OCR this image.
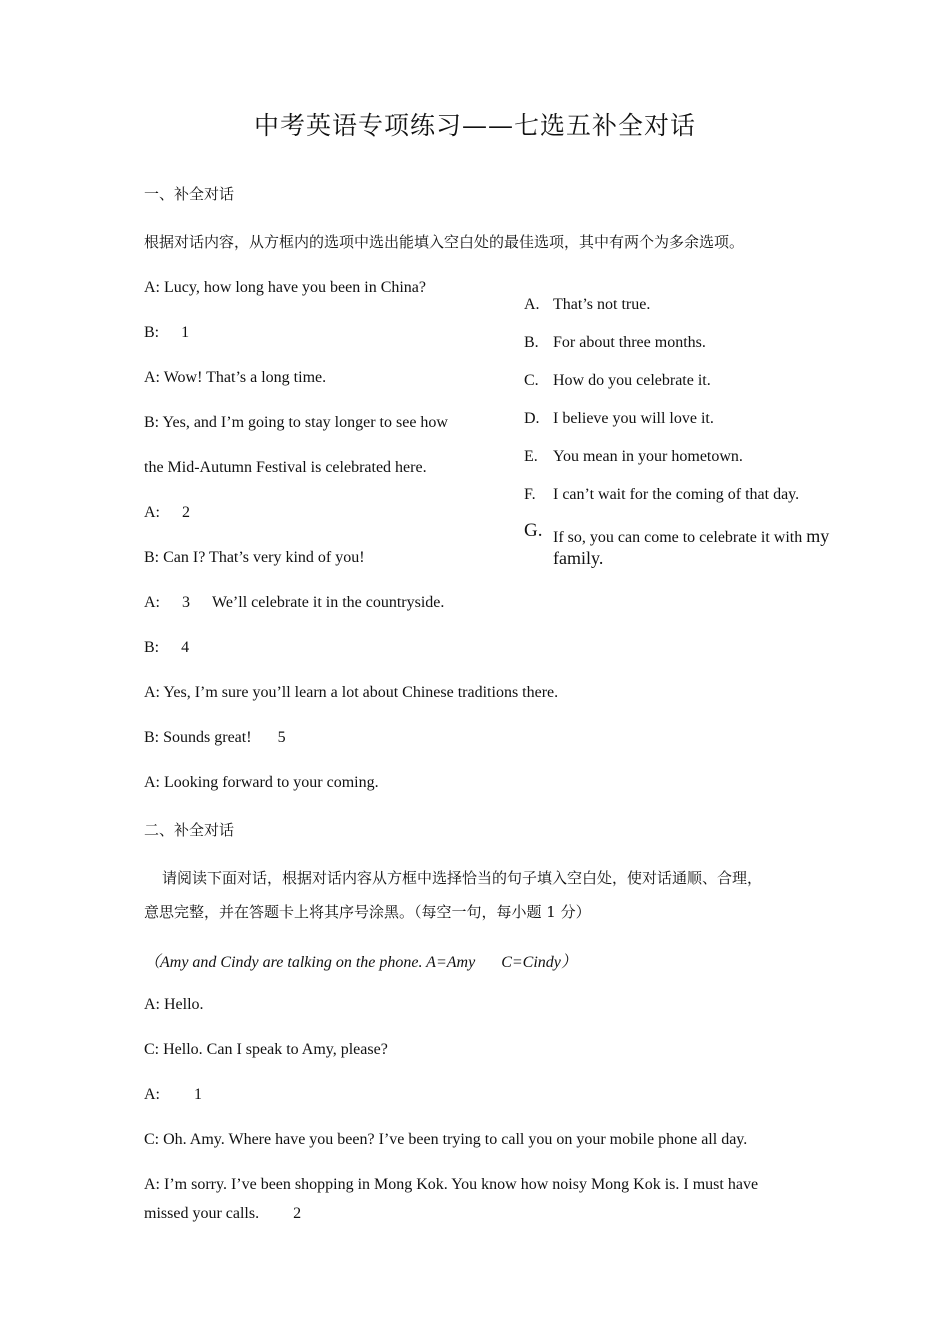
中考英语专项练习——七选五补全对话
一、补全对话
根据对话内容，从方框内的选项中选出能填入空白处的最佳选项，其中有两个为多余选项。
A: Lucy, how long have you been in China?
B: 1
A: Wow! That’s a long time.
B: Yes, and I’m going to stay longer to see how
the Mid-Autumn Festival is celebrated here.
A: 2
B: Can I? That’s very kind of you!
A: 3 We’ll celebrate it in the countryside.
B: 4
A: Yes, I’m sure you’ll learn a lot about Chinese traditions there.
B: Sounds great! 5
A: Looking forward to your coming.
A. That’s not true.
B. For about three months.
C. How do you celebrate it.
D. I believe you will love it.
E. You mean in your hometown.
F. I can’t wait for the coming of that day.
G. If so, you can come to celebrate it with my
family.
二、补全对话
请阅读下面对话，根据对话内容从方框中选择恰当的句子填入空白处，使对话通顺、合理，
意思完整，并在答题卡上将其序号涂黑。（每空一句，每小题 1 分）
（Amy and Cindy are talking on the phone. A=Amy C=Cindy）
A: Hello.
C: Hello. Can I speak to Amy, please?
A: 1
C: Oh. Amy. Where have you been? I’ve been trying to call you on your mobile phone all day.
A: I’m sorry. I’ve been shopping in Mong Kok. You know how noisy Mong Kok is. I must have
missed your calls. 2
